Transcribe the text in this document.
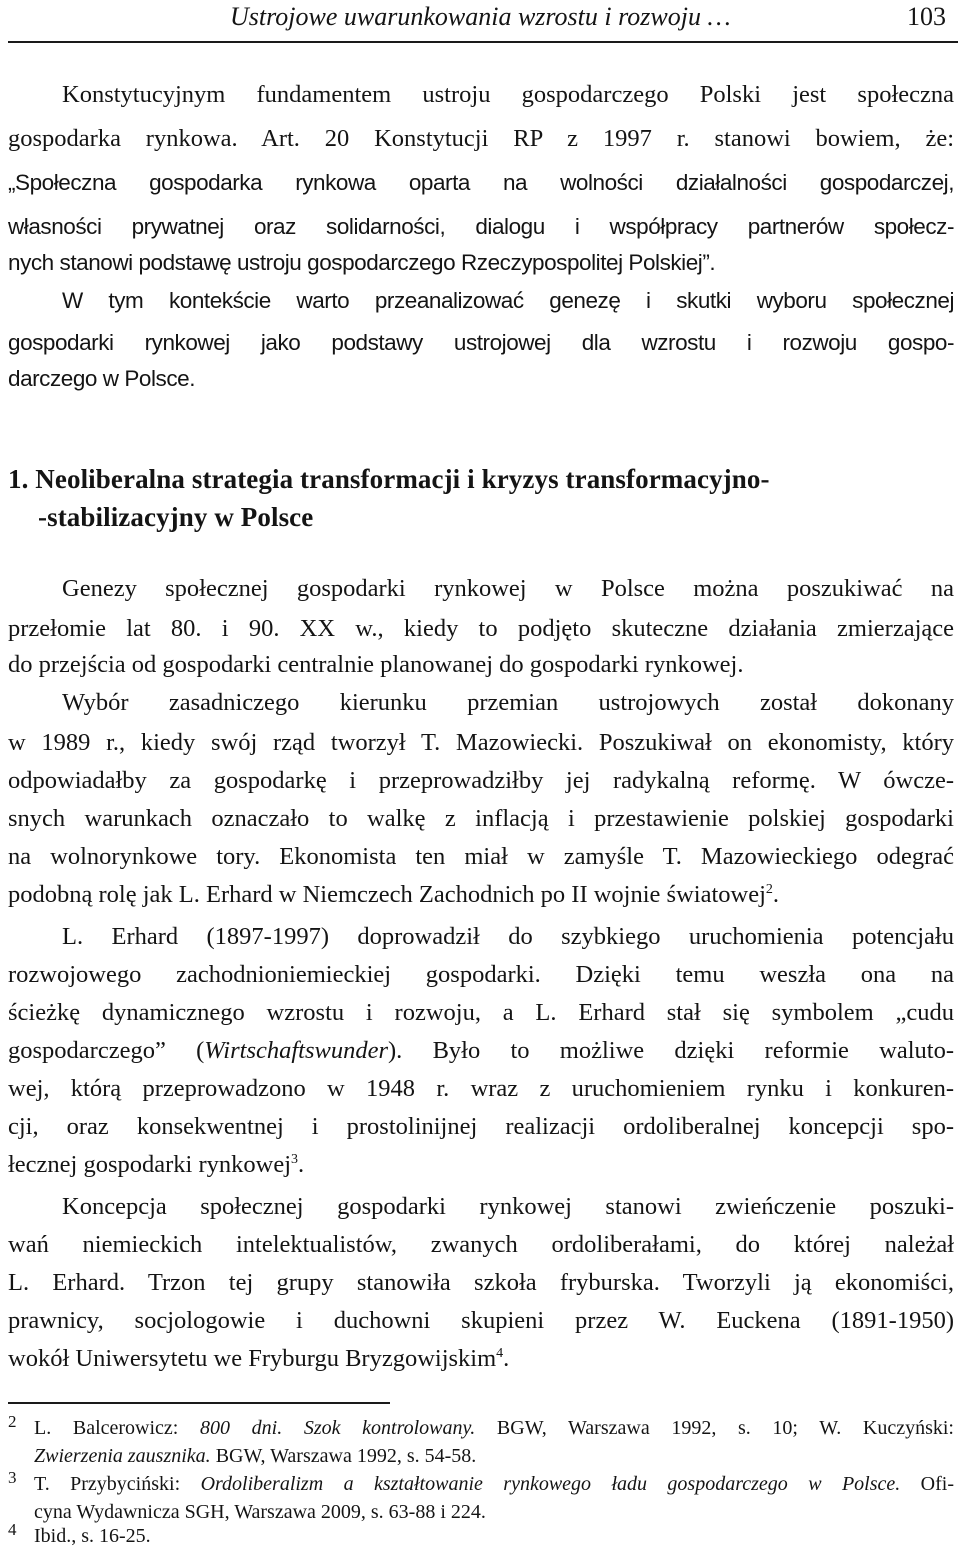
Ustrojowe uwarunkowania wzrostu i rozwoju …	103
Konstytucyjnym fundamentem ustroju gospodarczego Polski jest społeczna
gospodarka rynkowa. Art. 20 Konstytucji RP z 1997 r. stanowi bowiem, że:
„Społeczna gospodarka rynkowa oparta na wolności działalności gospodarczej,
własności prywatnej oraz solidarności, dialogu i współpracy partnerów społecz-
nych stanowi podstawę ustroju gospodarczego Rzeczypospolitej Polskiej”.
W tym kontekście warto przeanalizować genezę i skutki wyboru społecznej
gospodarki rynkowej jako podstawy ustrojowej dla wzrostu i rozwoju gospo-
darczego w Polsce.
1. Neoliberalna strategia transformacji i kryzys transformacyjno-
-stabilizacyjny w Polsce
Genezy społecznej gospodarki rynkowej w Polsce można poszukiwać na
przełomie lat 80. i 90. XX w., kiedy to podjęto skuteczne działania zmierzające
do przejścia od gospodarki centralnie planowanej do gospodarki rynkowej.
Wybór zasadniczego kierunku przemian ustrojowych został dokonany
w 1989 r., kiedy swój rząd tworzył T. Mazowiecki. Poszukiwał on ekonomisty, który
odpowiadałby za gospodarkę i przeprowadziłby jej radykalną reformę. W ówcze-
snych warunkach oznaczało to walkę z inflacją i przestawienie polskiej gospodarki
na wolnorynkowe tory. Ekonomista ten miał w zamyśle T. Mazowieckiego odegrać
podobną rolę jak L. Erhard w Niemczech Zachodnich po II wojnie światowej$^2$.
L. Erhard (1897-1997) doprowadził do szybkiego uruchomienia potencjału
rozwojowego zachodnioniemieckiej gospodarki. Dzięki temu weszła ona na
ścieżkę dynamicznego wzrostu i rozwoju, a L. Erhard stał się symbolem „cudu
gospodarczego” (Wirtschaftswunder). Było to możliwe dzięki reformie waluto-
wej, którą przeprowadzono w 1948 r. wraz z uruchomieniem rynku i konkuren-
cji, oraz konsekwentnej i prostolinijnej realizacji ordoliberalnej koncepcji spo-
łecznej gospodarki rynkowej$^3$.
Koncepcja społecznej gospodarki rynkowej stanowi zwieńczenie poszuki-
wań niemieckich intelektualistów, zwanych ordoliberałami, do której należał
L. Erhard. Trzon tej grupy stanowiła szkoła fryburska. Tworzyli ją ekonomiści,
prawnicy, socjologowie i duchowni skupieni przez W. Euckena (1891-1950)
wokół Uniwersytetu we Fryburgu Bryzgowijskim$^4$.
2 L. Balcerowicz: 800 dni. Szok kontrolowany. BGW, Warszawa 1992, s. 10; W. Kuczyński:
Zwierzenia zausznika. BGW, Warszawa 1992, s. 54-58.
3 T. Przybyciński: Ordoliberalizm a kształtowanie rynkowego ładu gospodarczego w Polsce. Ofi-
cyna Wydawnicza SGH, Warszawa 2009, s. 63-88 i 224.
4 Ibid., s. 16-25.
